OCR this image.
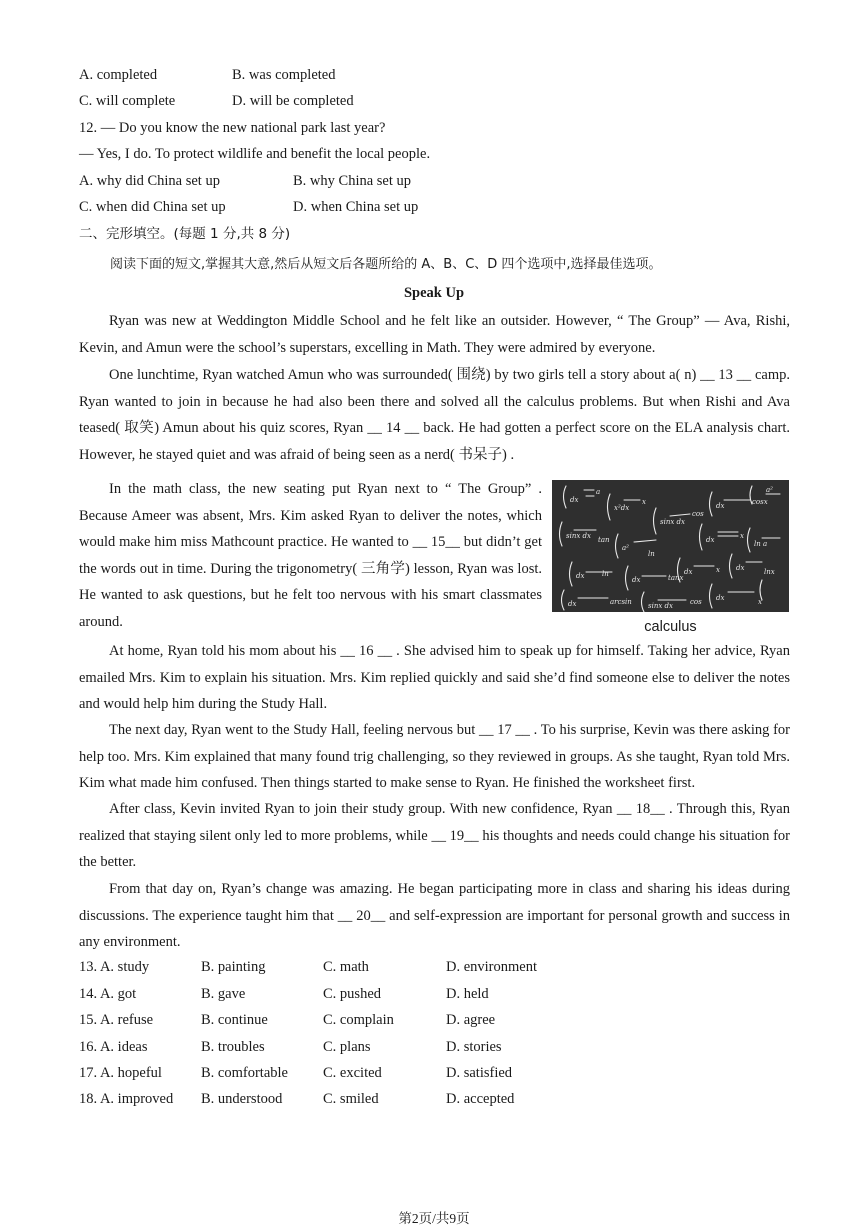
A. completed	B. was completed
C. will complete	D. will be completed
12. — Do you know the new national park last year?
— Yes, I do. To protect wildlife and benefit the local people.
A. why did China set up	B. why China set up
C. when did China set up	D. when China set up
二、完形填空。(每题 1 分,共 8 分)
阅读下面的短文,掌握其大意,然后从短文后各题所给的 A、B、C、D 四个选项中,选择最佳选项。
Speak Up

Ryan was new at Weddington Middle School and he felt like an outsider. However, “ The Group” — Ava, Rishi, Kevin, and Amun were the school’s superstars, excelling in Math. They were admired by everyone.

One lunchtime, Ryan watched Amun who was surrounded( 围绕) by two girls tell a story about a( n) __ 13 __ camp. Ryan wanted to join in because he had also been there and solved all the calculus problems. But when Rishi and Ava teased( 取笑) Amun about his quiz scores, Ryan __ 14 __ back. He had gotten a perfect score on the ELA analysis chart. However, he stayed quiet and was afraid of being seen as a nerd( 书呆子) .

In the math class, the new seating put Ryan next to “ The Group” . Because Ameer was absent, Mrs. Kim asked Ryan to deliver the notes, which would make him miss Mathcount practice. He wanted to __ 15__ but didn’t get the words out in time. During the trigonometry( 三角学) lesson, Ryan was lost. He wanted to ask questions, but he felt too nervous with his smart classmates around.

dx
a
x²dx
x
sinx dx
cos
dx	cosx
a²
sinx dx tan
a²
ln
dx	x
ln a
dx	ln
dx	tanx
dx	x dx	lnx
dx	arcsin sinx dx cos dx	x
calculus

At home, Ryan told his mom about his __ 16 __ . She advised him to speak up for himself. Taking her advice, Ryan emailed Mrs. Kim to explain his situation. Mrs. Kim replied quickly and said she’d find someone else to deliver the notes and would help him during the Study Hall.

The next day, Ryan went to the Study Hall, feeling nervous but __ 17 __ . To his surprise, Kevin was there asking for help too. Mrs. Kim explained that many found trig challenging, so they reviewed in groups. As she taught, Ryan told Mrs. Kim what made him confused. Then things started to make sense to Ryan. He finished the worksheet first.

After class, Kevin invited Ryan to join their study group. With new confidence, Ryan __ 18__ . Through this, Ryan realized that staying silent only led to more problems, while __ 19__ his thoughts and needs could change his situation for the better.

From that day on, Ryan’s change was amazing. He began participating more in class and sharing his ideas during discussions. The experience taught him that __ 20__ and self-expression are important for personal growth and success in any environment.

13. A. study	B. painting	C. math	D. environment
14. A. got	B. gave	C. pushed	D. held
15. A. refuse	B. continue	C. complain	D. agree
16. A. ideas	B. troubles	C. plans	D. stories
17. A. hopeful	B. comfortable C. excited	D. satisfied
18. A. improved B. understood	C. smiled	D. accepted
第2页/共9页
